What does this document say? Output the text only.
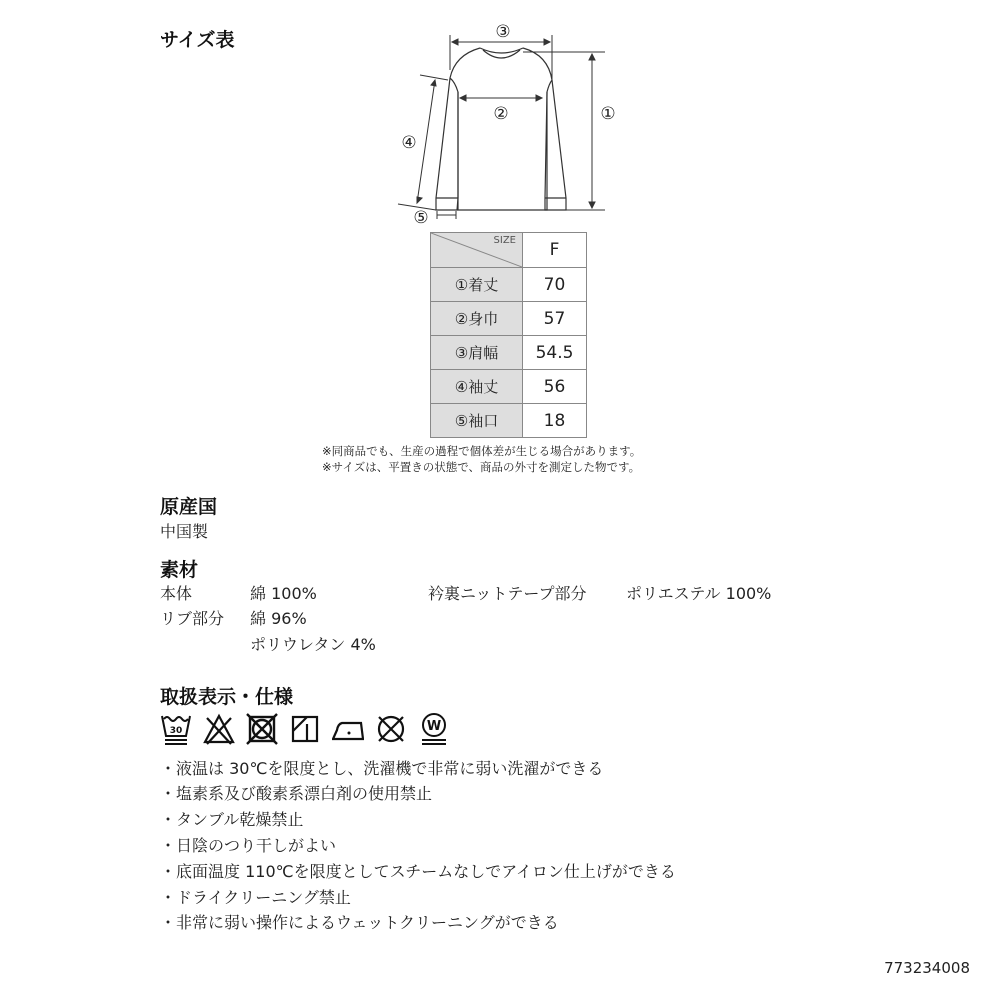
サイズ表	③
②	①
④
⑤
SIZE	F
①着丈	70
②身巾	57
③肩幅	54.5
④袖丈	56
⑤袖口	18
※同商品でも、生産の過程で個体差が生じる場合があります。
※サイズは、平置きの状態で、商品の外寸を測定した物です。
原産国
中国製
素材
本体	綿 100%	衿裏ニットテープ部分 ポリエステル 100%
リブ部分 綿 96%
ポリウレタン 4%
取扱表示・仕様
30	W
・液温は 30℃を限度とし、洗濯機で非常に弱い洗濯ができる
・塩素系及び酸素系漂白剤の使用禁止
・タンブル乾燥禁止
・日陰のつり干しがよい
・底面温度 110℃を限度としてスチームなしでアイロン仕上げができる
・ドライクリーニング禁止
・非常に弱い操作によるウェットクリーニングができる
773234008
